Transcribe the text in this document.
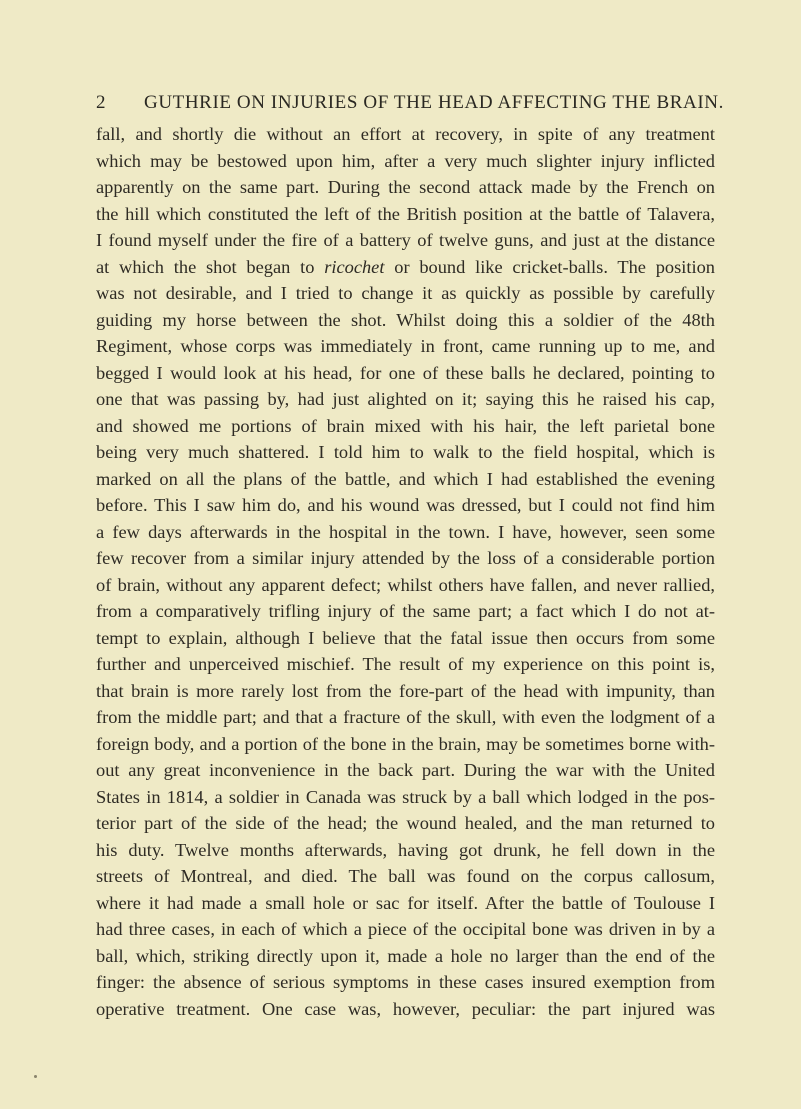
2 GUTHRIE ON INJURIES OF THE HEAD AFFECTING THE BRAIN.
fall, and shortly die without an effort at recovery, in spite of any treatment
which may be bestowed upon him, after a very much slighter injury inflicted
apparently on the same part. During the second attack made by the French on
the hill which constituted the left of the British position at the battle of Talavera,
I found myself under the fire of a battery of twelve guns, and just at the distance
at which the shot began to ricochet or bound like cricket-balls. The position
was not desirable, and I tried to change it as quickly as possible by carefully
guiding my horse between the shot. Whilst doing this a soldier of the 48th
Regiment, whose corps was immediately in front, came running up to me, and
begged I would look at his head, for one of these balls he declared, pointing to
one that was passing by, had just alighted on it; saying this he raised his cap,
and showed me portions of brain mixed with his hair, the left parietal bone
being very much shattered. I told him to walk to the field hospital, which is
marked on all the plans of the battle, and which I had established the evening
before. This I saw him do, and his wound was dressed, but I could not find him
a few days afterwards in the hospital in the town. I have, however, seen some
few recover from a similar injury attended by the loss of a considerable portion
of brain, without any apparent defect; whilst others have fallen, and never rallied,
from a comparatively trifling injury of the same part; a fact which I do not at-
tempt to explain, although I believe that the fatal issue then occurs from some
further and unperceived mischief. The result of my experience on this point is,
that brain is more rarely lost from the fore-part of the head with impunity, than
from the middle part; and that a fracture of the skull, with even the lodgment of a
foreign body, and a portion of the bone in the brain, may be sometimes borne with-
out any great inconvenience in the back part. During the war with the United
States in 1814, a soldier in Canada was struck by a ball which lodged in the pos-
terior part of the side of the head; the wound healed, and the man returned to
his duty. Twelve months afterwards, having got drunk, he fell down in the
streets of Montreal, and died. The ball was found on the corpus callosum,
where it had made a small hole or sac for itself. After the battle of Toulouse I
had three cases, in each of which a piece of the occipital bone was driven in by a
ball, which, striking directly upon it, made a hole no larger than the end of the
finger: the absence of serious symptoms in these cases insured exemption from
operative treatment. One case was, however, peculiar: the part injured was
